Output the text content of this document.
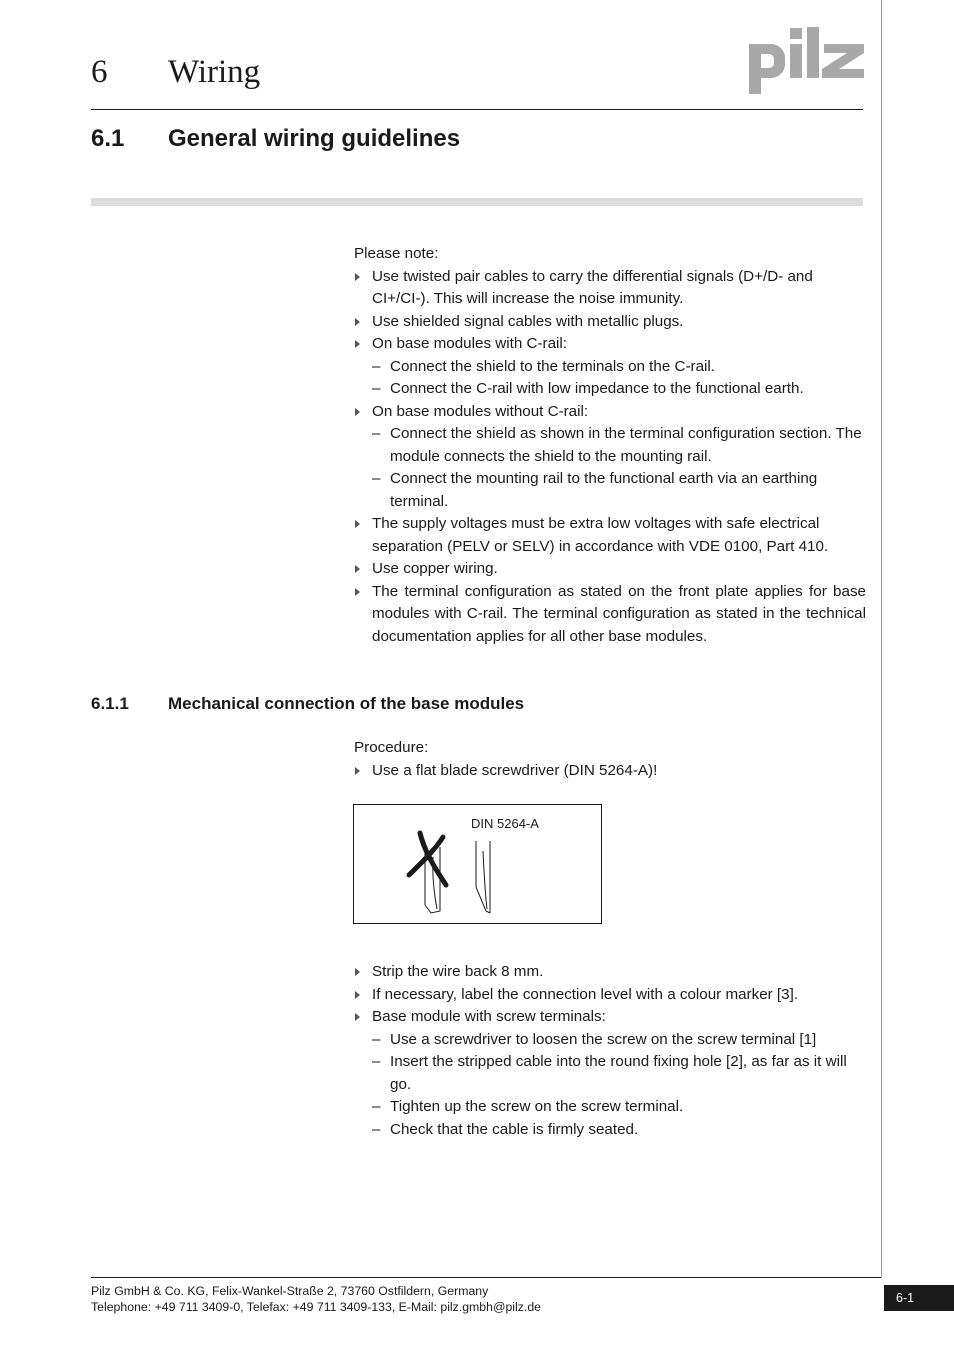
6 Wiring
6.1 General wiring guidelines

Please note:

Use twisted pair cables to carry the differential signals (D+/D- and CI+/CI-). This will increase the noise immunity.
Use shielded signal cables with metallic plugs.
On base modules with C-rail:
– Connect the shield to the terminals on the C-rail.
– Connect the C-rail with low impedance to the functional earth.
On base modules without C-rail:
– Connect the shield as shown in the terminal configuration section. The module connects the shield to the mounting rail.
– Connect the mounting rail to the functional earth via an earthing terminal.
The supply voltages must be extra low voltages with safe electrical separation (PELV or SELV) in accordance with VDE 0100, Part 410.
Use copper wiring.
The terminal configuration as stated on the front plate applies for base modules with C-rail. The terminal configuration as stated in the technical documentation applies for all other base modules.
6.1.1 Mechanical connection of the base modules

Procedure:

Use a flat blade screwdriver (DIN 5264-A)!
DIN 5264-A
Strip the wire back 8 mm.
If necessary, label the connection level with a colour marker [3].
Base module with screw terminals:
– Use a screwdriver to loosen the screw on the screw terminal [1]
– Insert the stripped cable into the round fixing hole [2], as far as it will go.
– Tighten up the screw on the screw terminal.
– Check that the cable is firmly seated.
Pilz GmbH & Co. KG, Felix-Wankel-Straße 2, 73760 Ostfildern, Germany
Telephone: +49 711 3409-0, Telefax: +49 711 3409-133, E-Mail: pilz.gmbh@pilz.de
6-1
